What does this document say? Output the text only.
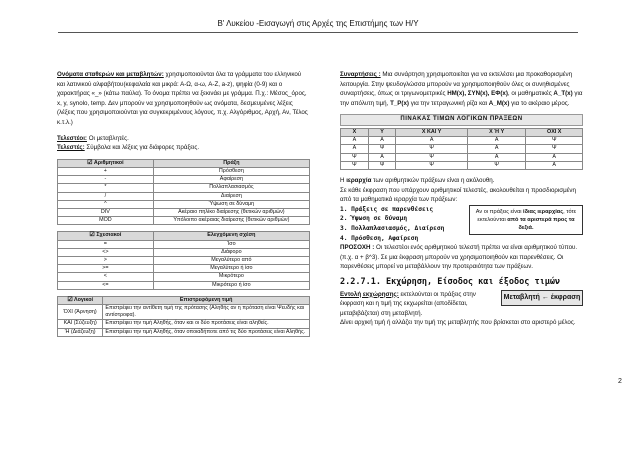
Β' Λυκείου -Εισαγωγή στις Αρχές της Επιστήμης των Η/Υ

Ονόματα σταθερών και μεταβλητών: χρησιμοποιούνται όλα τα γράμματα του ελληνικού και λατινικού αλφαβήτου(κεφαλαία και μικρά: Α-Ω, α-ω, A-Z, a-z), ψηφία (0-9) και ο χαρακτήρας «_» (κάτω παύλα). Το όνομα πρέπει να ξεκινάει με γράμμα. Π.χ.: Μέσος_όρος, x, y, synolo, temp. Δεν μπορούν να χρησιμοποιηθούν ως ονόματα, δεσμευμένες λέξεις (λέξεις που χρησιμοποιούνται για συγκεκριμένους λόγους, π.χ. Αλγόριθμος, Αρχή, Αν, Τέλος κ.τ.λ.)

Τελεστέοι: Οι μεταβλητές.

Τελεστές: Σύμβολα και λέξεις για διάφορες πράξεις.

☑ Αριθμητικοί	Πράξη
+	Πρόσθεση
-	Αφαίρεση
*	Πολλαπλασιασμός
/	Διαίρεση
^	Ύψωση σε δύναμη
DIV	Ακέραιο πηλίκο διαίρεσης (θετικών αριθμών)
MOD	Υπόλοιπο ακέραιας διαίρεσης (θετικών αριθμών)
☑ Σχεσιακοί	Ελεγχόμενη σχέση
=	Ίσο
<>	Διάφορο
>	Μεγαλύτερο από
>=	Μεγαλύτερο ή ίσο
<	Μικρότερο
<=	Μικρότερο ή ίσο
☑ Λογικοί	Επιστρεφόμενη τιμή
ΌΧΙ (Άρνηση)	Επιστρέφει την αντίθετη τιμή της πρότασης (Αληθής αν η πρόταση είναι Ψευδής και αντίστροφα).
ΚΑΙ (Σύζευξη)	Επιστρέφει την τιμή Αληθής, όταν και οι δύο προτάσεις είναι αληθείς.
Ή (Διάζευξη)	Επιστρέφει την τιμή Αληθής, όταν οποιαδήποτε από τις δύο προτάσεις είναι Αληθής.

Συναρτήσεις : Μια συνάρτηση χρησιμοποιείται για να εκτελέσει μια προκαθορισμένη λειτουργία. Στην ψευδογλώσσα μπορούν να χρησιμοποιηθούν όλες οι συνηθισμένες συναρτήσεις, όπως οι τριγωνομετρικές ΗΜ(x), ΣΥΝ(x), ΕΦ(x), οι μαθηματικές Α_Τ(x) για την απόλυτη τιμή, Τ_Ρ(x) για την τετραγωνική ρίζα και Α_Μ(x) για το ακέραιο μέρος.

ΠΙΝΑΚΑΣ ΤΙΜΩΝ ΛΟΓΙΚΩΝ ΠΡΑΞΕΩΝ
X	Y	X ΚΑΙ Y	X Ή Y	ΟΧΙ X
Α	Α	Α	Α	Ψ
Α	Ψ	Ψ	Α	Ψ
Ψ	Α	Ψ	Α	Α
Ψ	Ψ	Ψ	Ψ	Α

Η ιεραρχία των αριθμητικών πράξεων είναι η ακόλουθη.

Σε κάθε έκφραση που υπάρχουν αριθμητικοί τελεστές, ακολουθείται η προσδιορισμένη από τα μαθηματικά ιεραρχία των πράξεων:

1. Πράξεις σε παρενθέσεις
2. Ύψωση σε δύναμη
3. Πολλαπλασιασμός, Διαίρεση
4. Πρόσθεση, Αφαίρεση
Αν οι πράξεις είναι ίδιας ιεραρχίας, τότε εκτελούνται από τα αριστερά προς τα δεξιά.

ΠΡΟΣΟΧΗ : Οι τελεστέοι ενός αριθμητικού τελεστή πρέπει να είναι αριθμητικού τύπου. (π.χ. α + β^3). Σε μια έκφραση μπορούν να χρησιμοποιηθούν και παρενθέσεις. Οι παρενθέσεις μπορεί να μεταβάλλουν την προτεραιότητα των πράξεων.

2.2.7.1. Εκχώρηση, Είσοδος και έξοδος τιμών

Εντολή εκχώρησης: εκτελούνται οι πράξεις στην έκφραση και η τιμή της εκχωρείται (αποδίδεται, μεταβιβάζεται) στη μεταβλητή.

Δίνει αρχική τιμή ή αλλάζει την τιμή της μεταβλητής που βρίσκεται στο αριστερό μέλος.

Μεταβλητή ← έκφραση
2
